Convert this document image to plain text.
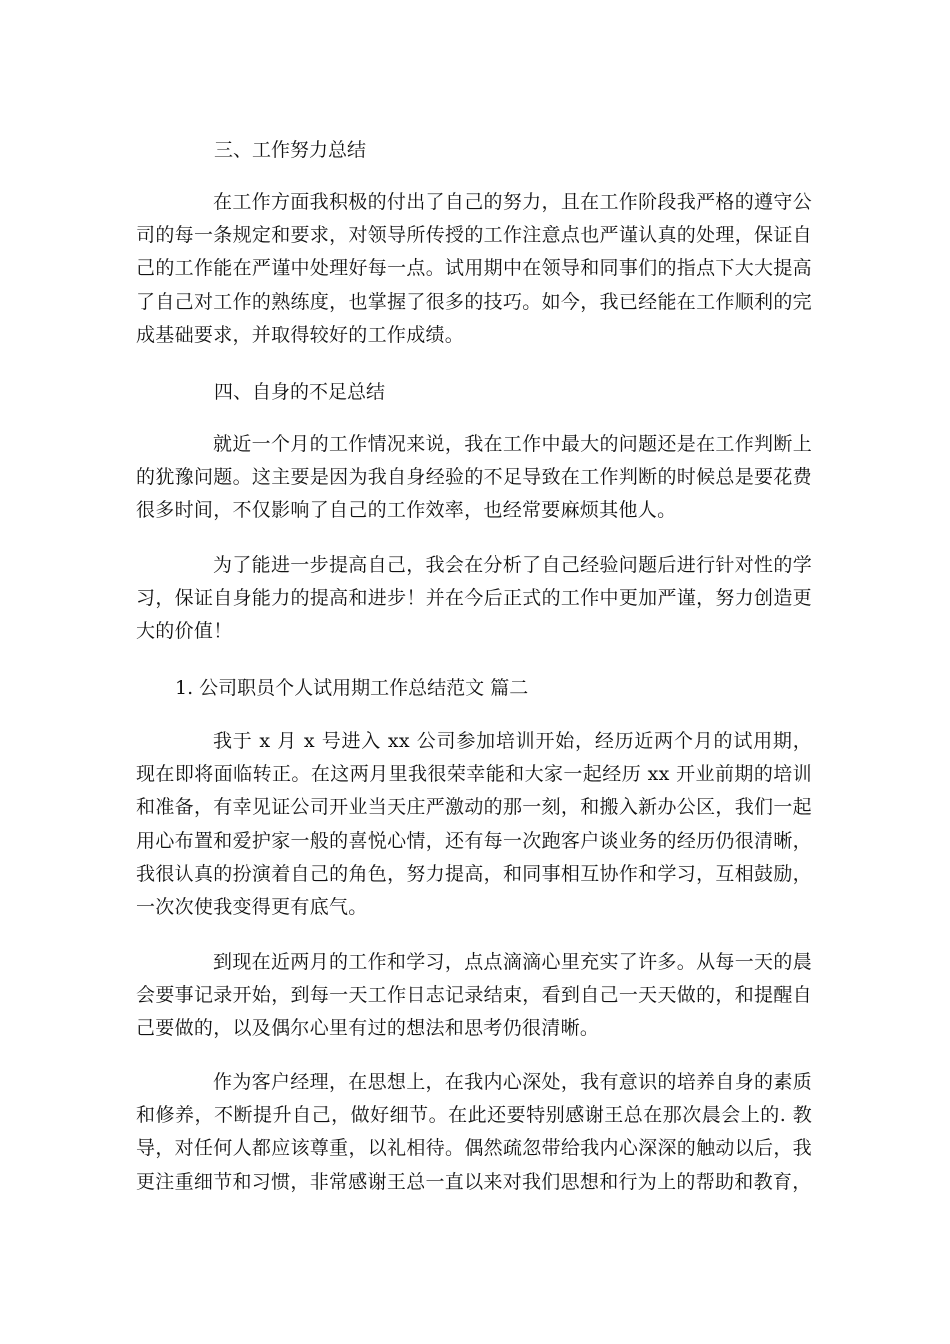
三、工作努力总结
在工作方面我积极的付出了自己的努力，且在工作阶段我严格的遵守公司的每一条规定和要求，对领导所传授的工作注意点也严谨认真的处理，保证自己的工作能在严谨中处理好每一点。试用期中在领导和同事们的指点下大大提高了自己对工作的熟练度，也掌握了很多的技巧。如今，我已经能在工作顺利的完成基础要求，并取得较好的工作成绩。
四、自身的不足总结
就近一个月的工作情况来说，我在工作中最大的问题还是在工作判断上的犹豫问题。这主要是因为我自身经验的不足导致在工作判断的时候总是要花费很多时间，不仅影响了自己的工作效率，也经常要麻烦其他人。
为了能进一步提高自己，我会在分析了自己经验问题后进行针对性的学习，保证自身能力的提高和进步！并在今后正式的工作中更加严谨，努力创造更大的价值！
1. 公司职员个人试用期工作总结范文 篇二
我于 x 月 x 号进入 xx 公司参加培训开始，经历近两个月的试用期，现在即将面临转正。在这两月里我很荣幸能和大家一起经历 xx 开业前期的培训和准备，有幸见证公司开业当天庄严激动的那一刻，和搬入新办公区，我们一起用心布置和爱护家一般的喜悦心情，还有每一次跑客户谈业务的经历仍很清晰，我很认真的扮演着自己的角色，努力提高，和同事相互协作和学习，互相鼓励，一次次使我变得更有底气。
到现在近两月的工作和学习，点点滴滴心里充实了许多。从每一天的晨会要事记录开始，到每一天工作日志记录结束，看到自己一天天做的，和提醒自己要做的，以及偶尔心里有过的想法和思考仍很清晰。
作为客户经理，在思想上，在我内心深处，我有意识的培养自身的素质和修养，不断提升自己，做好细节。在此还要特别感谢王总在那次晨会上的. 教导，对任何人都应该尊重，以礼相待。偶然疏忽带给我内心深深的触动以后，我更注重细节和习惯，非常感谢王总一直以来对我们思想和行为上的帮助和教育，
